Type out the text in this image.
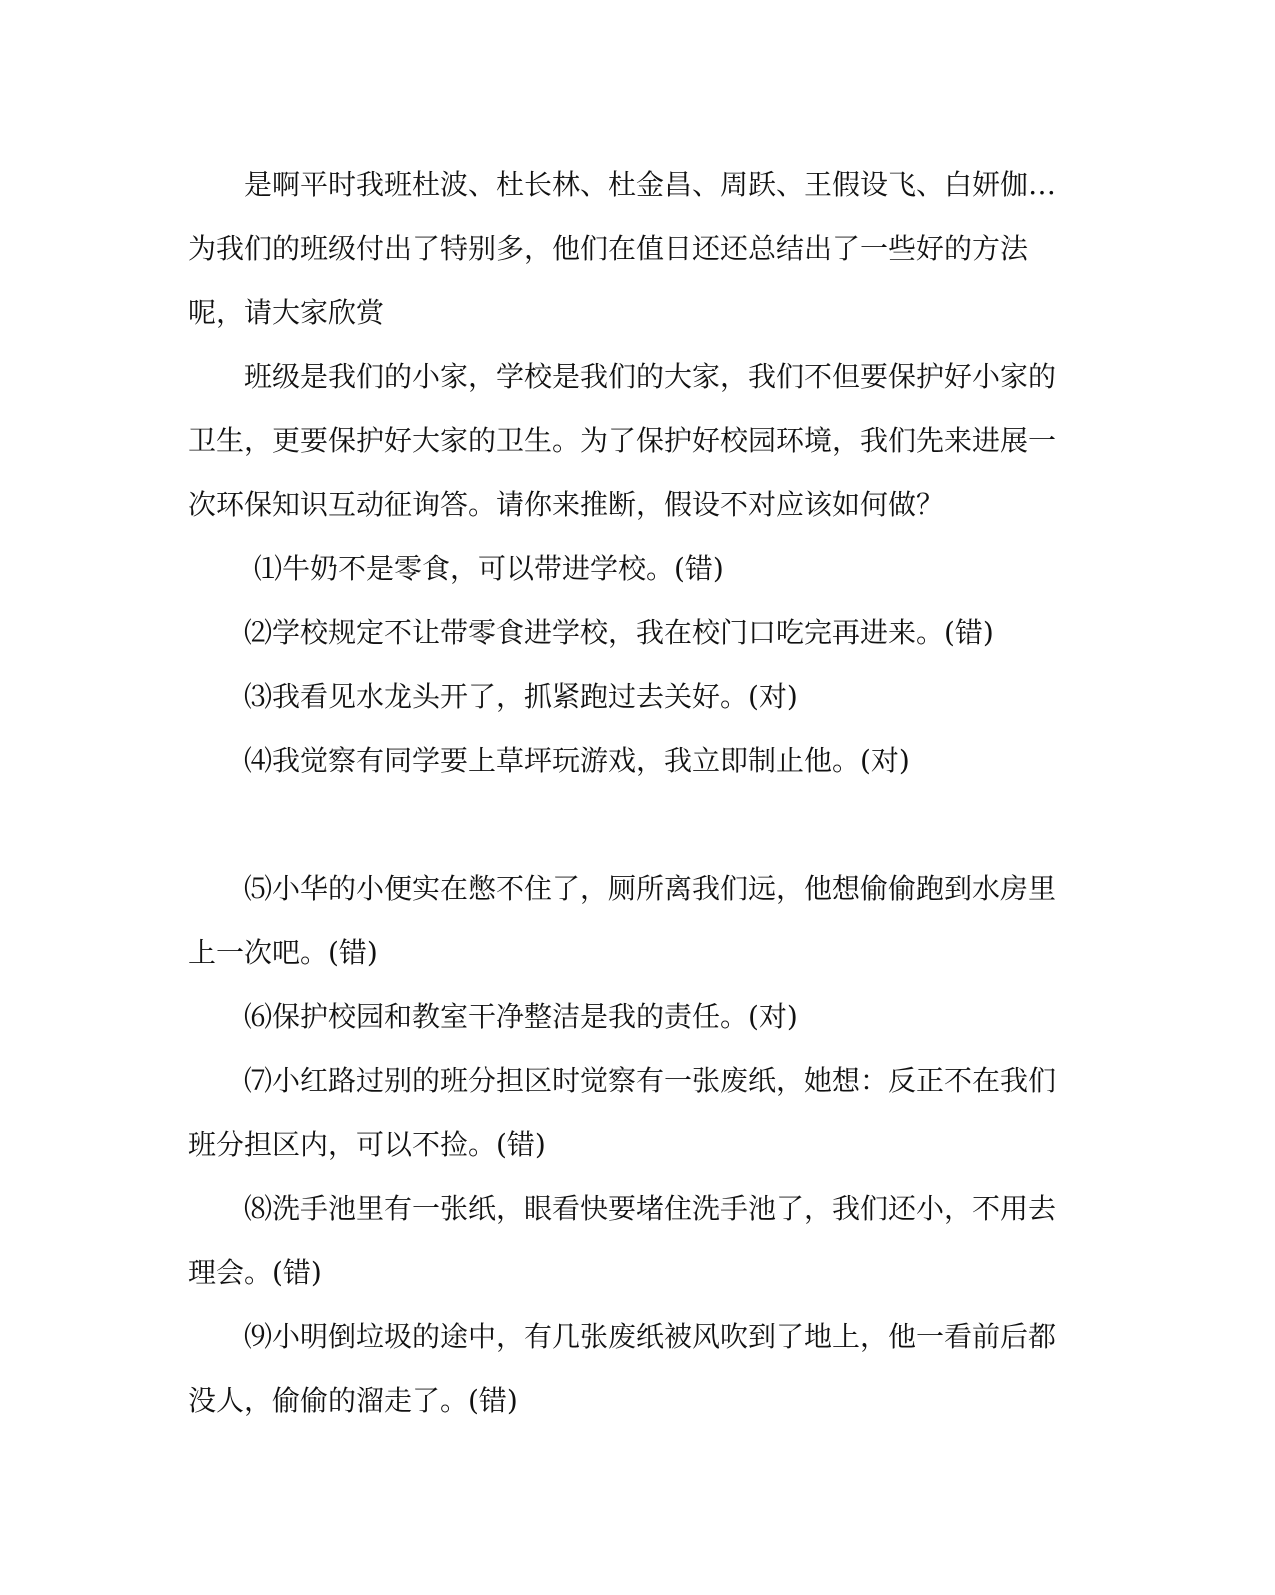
是啊平时我班杜波、杜长林、杜金昌、周跃、王假设飞、白妍伽…为我们的班级付出了特别多，他们在值日还还总结出了一些好的方法呢，请大家欣赏

班级是我们的小家，学校是我们的大家，我们不但要保护好小家的卫生，更要保护好大家的卫生。为了保护好校园环境，我们先来进展一次环保知识互动征询答。请你来推断，假设不对应该如何做？

⑴牛奶不是零食，可以带进学校。(错)

⑵学校规定不让带零食进学校，我在校门口吃完再进来。(错)

⑶我看见水龙头开了，抓紧跑过去关好。(对)

⑷我觉察有同学要上草坪玩游戏，我立即制止他。(对)

⑸小华的小便实在憋不住了，厕所离我们远，他想偷偷跑到水房里上一次吧。(错)

⑹保护校园和教室干净整洁是我的责任。(对)

⑺小红路过别的班分担区时觉察有一张废纸，她想：反正不在我们班分担区内，可以不捡。(错)

⑻洗手池里有一张纸，眼看快要堵住洗手池了，我们还小，不用去理会。(错)

⑼小明倒垃圾的途中，有几张废纸被风吹到了地上，他一看前后都没人，偷偷的溜走了。(错)
